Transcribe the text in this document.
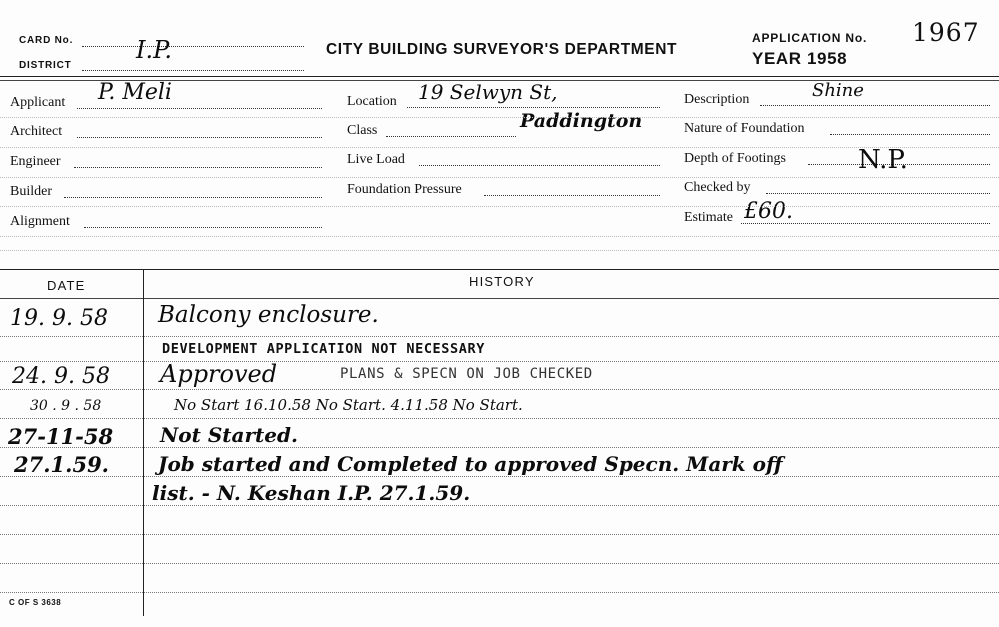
CARD No.
DISTRICT
I.P.	CITY BUILDING SURVEYOR'S DEPARTMENT
APPLICATION No.
YEAR 1958
1967
Applicant P. Meli
Architect
Engineer
Builder
Alignment
Location 19 Selwyn St,
Paddington
Class
Live Load
Foundation Pressure
Description	Shine
Nature of Foundation
Depth of Footings	N.P.
Checked by
Estimate £60.
DATE	HISTORY
19. 9. 58 Balcony enclosure.
DEVELOPMENT APPLICATION NOT NECESSARY
24. 9. 58 Approved	PLANS & SPECN ON JOB CHECKED
30 . 9 . 58	No Start 16.10.58 No Start. 4.11.58 No Start.
27-11-58 Not Started.
27.1.59. Job started and Completed to approved Specn. Mark off
list. - N. Keshan I.P. 27.1.59.
C OF S 3638
